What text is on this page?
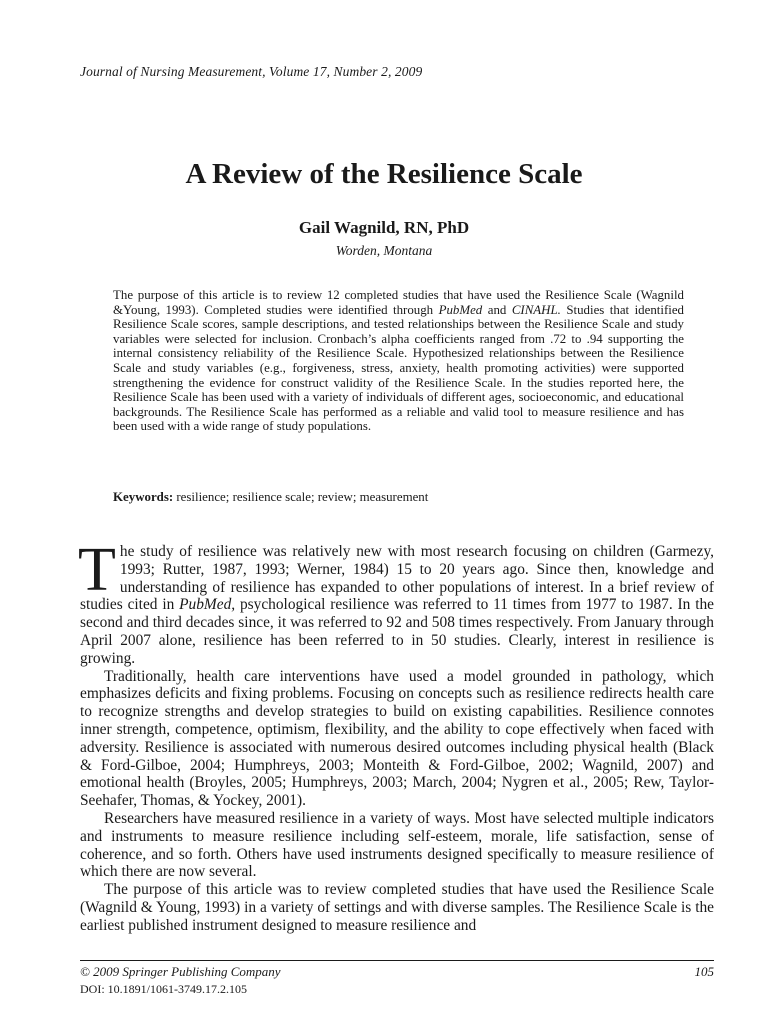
Journal of Nursing Measurement, Volume 17, Number 2, 2009
A Review of the Resilience Scale
Gail Wagnild, RN, PhD
Worden, Montana
The purpose of this article is to review 12 completed studies that have used the Resilience Scale (Wagnild &Young, 1993). Completed studies were identified through PubMed and CINAHL. Studies that identified Resilience Scale scores, sample descriptions, and tested relationships between the Resilience Scale and study variables were selected for inclusion. Cronbach’s alpha coefficients ranged from .72 to .94 supporting the internal consistency reliability of the Resilience Scale. Hypothesized relationships between the Resilience Scale and study variables (e.g., forgiveness, stress, anxiety, health promoting activities) were supported strengthening the evidence for construct validity of the Resilience Scale. In the studies reported here, the Resilience Scale has been used with a variety of individuals of different ages, socioeconomic, and educational backgrounds. The Resilience Scale has performed as a reliable and valid tool to measure resilience and has been used with a wide range of study populations.
Keywords: resilience; resilience scale; review; measurement

The study of resilience was relatively new with most research focusing on children (Garmezy, 1993; Rutter, 1987, 1993; Werner, 1984) 15 to 20 years ago. Since then, knowledge and understanding of resilience has expanded to other populations of interest. In a brief review of studies cited in PubMed, psychological resilience was referred to 11 times from 1977 to 1987. In the second and third decades since, it was referred to 92 and 508 times respectively. From January through April 2007 alone, resilience has been referred to in 50 studies. Clearly, interest in resilience is growing.

Traditionally, health care interventions have used a model grounded in pathology, which emphasizes deficits and fixing problems. Focusing on concepts such as resilience redirects health care to recognize strengths and develop strategies to build on existing capabilities. Resilience connotes inner strength, competence, optimism, flexibility, and the ability to cope effectively when faced with adversity. Resilience is associated with numerous desired outcomes including physical health (Black & Ford-Gilboe, 2004; Humphreys, 2003; Monteith & Ford-Gilboe, 2002; Wagnild, 2007) and emotional health (Broyles, 2005; Humphreys, 2003; March, 2004; Nygren et al., 2005; Rew, Taylor-Seehafer, Thomas, & Yockey, 2001).

Researchers have measured resilience in a variety of ways. Most have selected multiple indicators and instruments to measure resilience including self-esteem, morale, life satisfaction, sense of coherence, and so forth. Others have used instruments designed specifically to measure resilience of which there are now several.

The purpose of this article was to review completed studies that have used the Resilience Scale (Wagnild & Young, 1993) in a variety of settings and with diverse samples. The Resilience Scale is the earliest published instrument designed to measure resilience and

© 2009 Springer Publishing Company	105
DOI: 10.1891/1061-3749.17.2.105
